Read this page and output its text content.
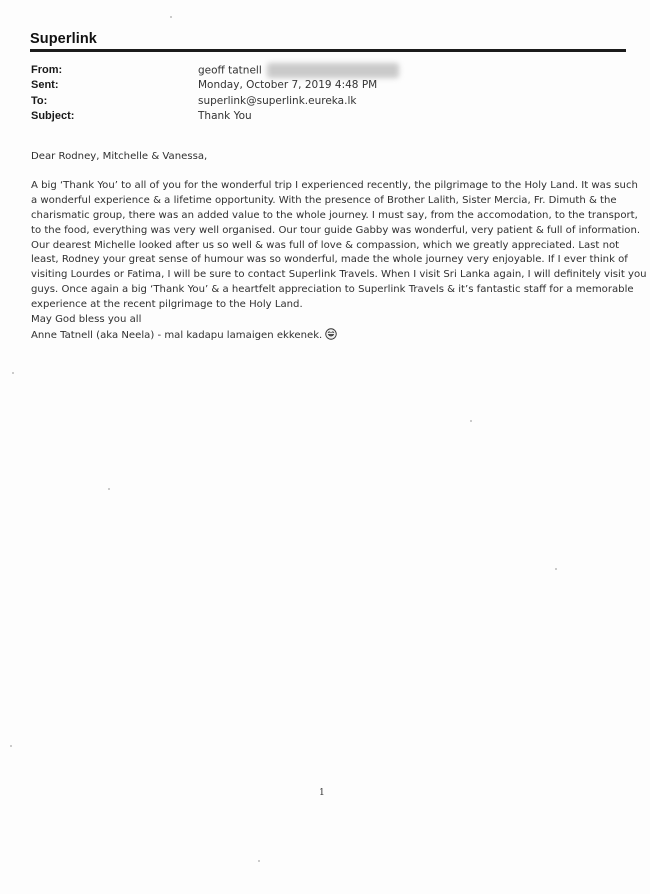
Superlink
From:	geoff tatnell
Sent:	Monday, October 7, 2019 4:48 PM
To:	superlink@superlink.eureka.lk
Subject:	Thank You

Dear Rodney, Mitchelle & Vanessa,

A big ‘Thank You’ to all of you for the wonderful trip I experienced recently, the pilgrimage to the Holy Land. It was such
a wonderful experience & a lifetime opportunity. With the presence of Brother Lalith, Sister Mercia, Fr. Dimuth & the
charismatic group, there was an added value to the whole journey. I must say, from the accomodation, to the transport,
to the food, everything was very well organised. Our tour guide Gabby was wonderful, very patient & full of information.
Our dearest Michelle looked after us so well & was full of love & compassion, which we greatly appreciated. Last not
least, Rodney your great sense of humour was so wonderful, made the whole journey very enjoyable. If I ever think of
visiting Lourdes or Fatima, I will be sure to contact Superlink Travels. When I visit Sri Lanka again, I will definitely visit you
guys. Once again a big ‘Thank You’ & a heartfelt appreciation to Superlink Travels & it’s fantastic staff for a memorable
experience at the recent pilgrimage to the Holy Land.

May God bless you all

Anne Tatnell (aka Neela) - mal kadapu lamaigen ekkenek.

1
